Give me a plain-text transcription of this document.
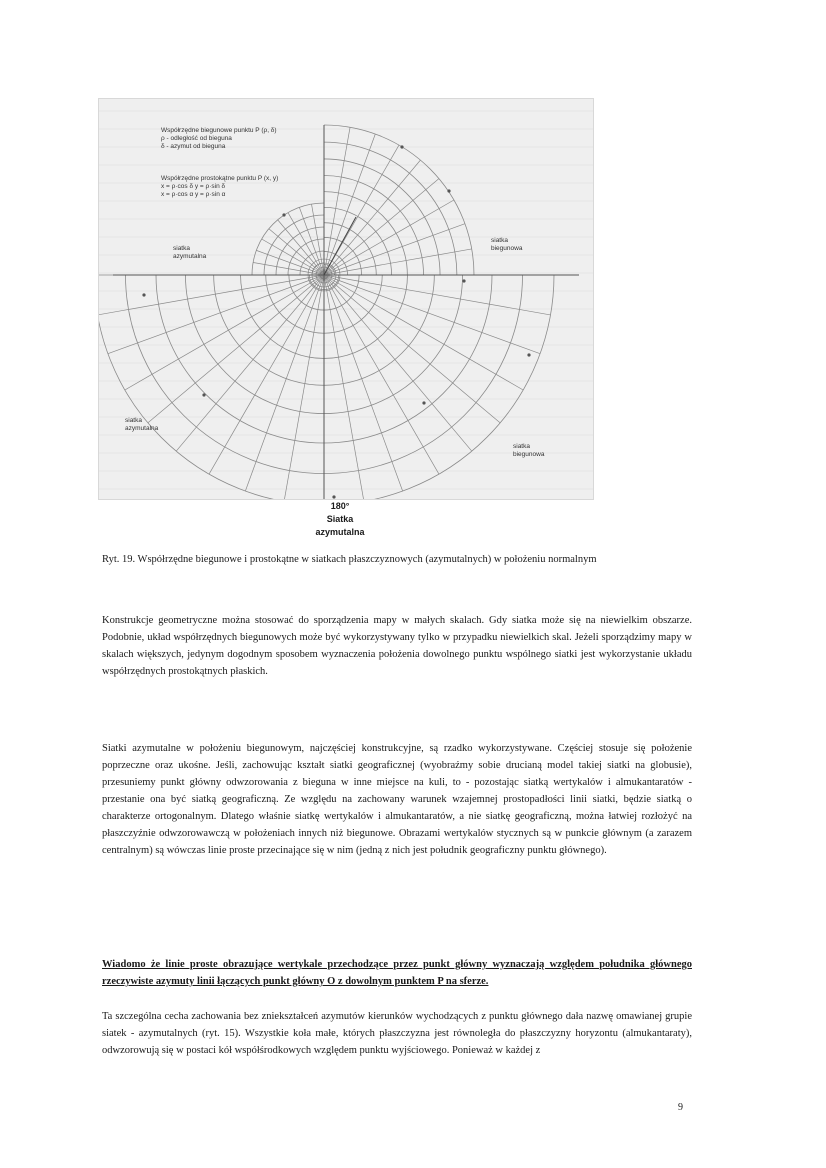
Współrzędne biegunowe punktu P (ρ, δ)
ρ - odległość od bieguna
δ - azymut od bieguna
Współrzędne prostokątne punktu P (x, y)
x = ρ·cos δ y = ρ·sin δ
x = ρ·cos α y = ρ·sin α
siatka
azymutalna
siatka
biegunowa
siatka
azymutalna
siatka
biegunowa
180°
Siatka
azymutalna
Ryt. 19. Współrzędne biegunowe i prostokątne w siatkach płaszczyznowych (azymutalnych) w położeniu normalnym

Konstrukcje geometryczne można stosować do sporządzenia mapy w małych skalach. Gdy siatka może się na niewielkim obszarze. Podobnie, układ współrzędnych biegunowych może być wykorzystywany tylko w przypadku niewielkich skal. Jeżeli sporządzimy mapy w skalach większych, jedynym dogodnym sposobem wyznaczenia położenia dowolnego punktu wspólnego siatki jest wykorzystanie układu współrzędnych prostokątnych płaskich.

Siatki azymutalne w położeniu biegunowym, najczęściej konstrukcyjne, są rzadko wykorzystywane. Częściej stosuje się położenie poprzeczne oraz ukośne. Jeśli, zachowując kształt siatki geograficznej (wyobraźmy sobie drucianą model takiej siatki na globusie), przesuniemy punkt główny odwzorowania z bieguna w inne miejsce na kuli, to - pozostając siatką wertykalów i almukantaratów - przestanie ona być siatką geograficzną. Ze względu na zachowany warunek wzajemnej prostopadłości linii siatki, będzie siatką o charakterze ortogonalnym. Dlatego właśnie siatkę wertykalów i almukantaratów, a nie siatkę geograficzną, można łatwiej rozłożyć na płaszczyźnie odwzorowawczą w położeniach innych niż biegunowe. Obrazami wertykalów stycznych są w punkcie głównym (a zarazem centralnym) są wówczas linie proste przecinające się w nim (jedną z nich jest południk geograficzny punktu głównego).

Wiadomo że linie proste obrazujące wertykale przechodzące przez punkt główny wyznaczają względem południka głównego rzeczywiste azymuty linii łączących punkt główny O z dowolnym punktem P na sferze.

Ta szczególna cecha zachowania bez zniekształceń azymutów kierunków wychodzących z punktu głównego dała nazwę omawianej grupie siatek - azymutalnych (ryt. 15). Wszystkie koła małe, których płaszczyzna jest równoległa do płaszczyzny horyzontu (almukantaraty), odwzorowują się w postaci kół współśrodkowych względem punktu wyjściowego. Ponieważ w każdej z

9
